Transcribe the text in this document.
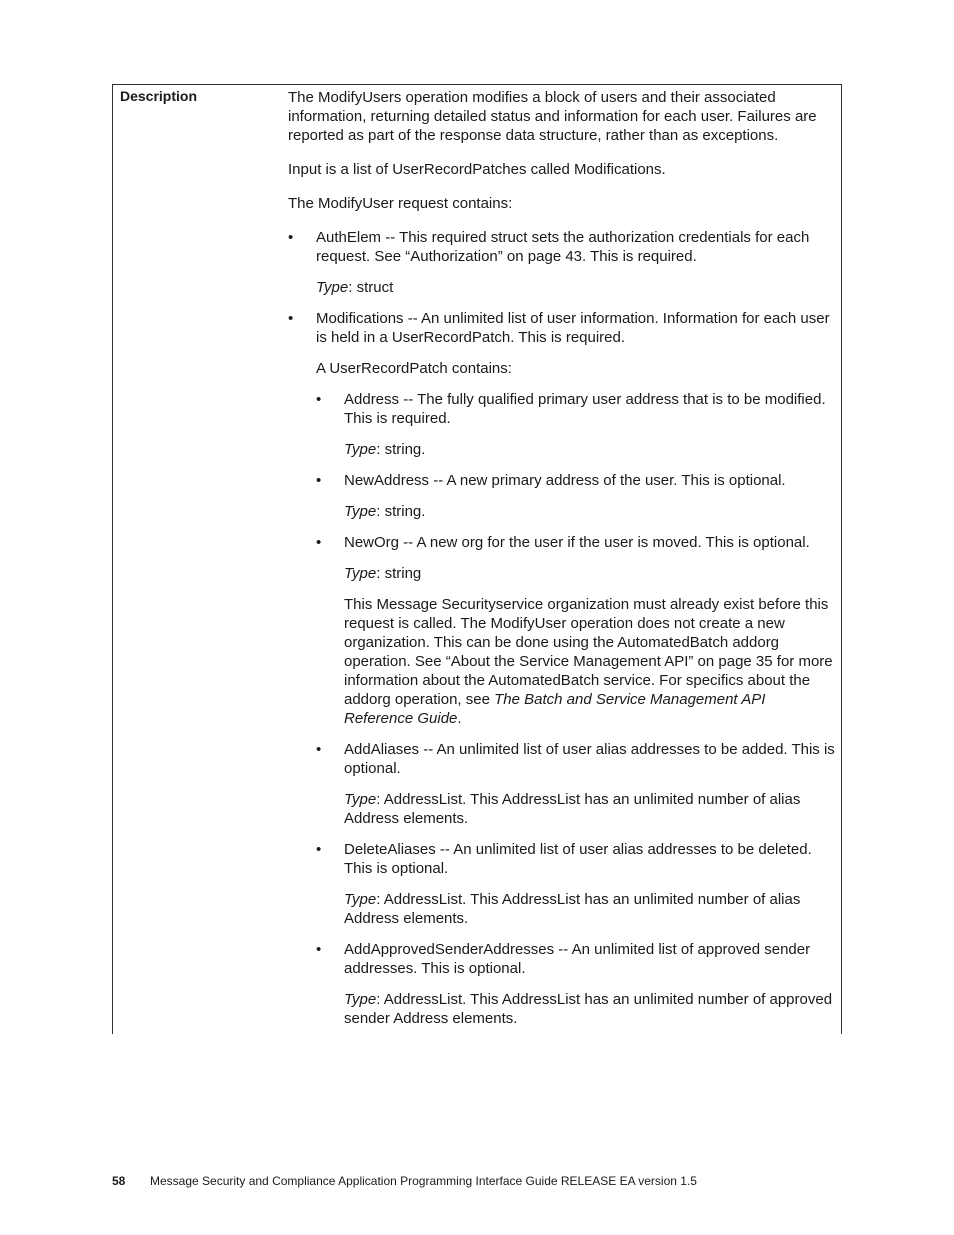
Description	The ModifyUsers operation modifies a block of users and their associated information, returning detailed status and information for each user. Failures are reported as part of the response data structure, rather than as exceptions.

Input is a list of UserRecordPatches called Modifications.

The ModifyUser request contains:

•	AuthElem -- This required struct sets the authorization credentials for each request. See “Authorization” on page 43. This is required.

Type: struct

•	Modifications -- An unlimited list of user information. Information for each user is held in a UserRecordPatch. This is required.

A UserRecordPatch contains:

•	Address -- The fully qualified primary user address that is to be modified. This is required.

Type: string.

•	NewAddress -- A new primary address of the user. This is optional.

Type: string.

•	NewOrg -- A new org for the user if the user is moved. This is optional.

Type: string

This Message Securityservice organization must already exist before this request is called. The ModifyUser operation does not create a new organization. This can be done using the AutomatedBatch addorg operation. See “About the Service Management API” on page 35 for more information about the AutomatedBatch service. For specifics about the addorg operation, see The Batch and Service Management API Reference Guide.

•	AddAliases -- An unlimited list of user alias addresses to be added. This is optional.

Type: AddressList. This AddressList has an unlimited number of alias Address elements.

•	DeleteAliases -- An unlimited list of user alias addresses to be deleted. This is optional.

Type: AddressList. This AddressList has an unlimited number of alias Address elements.

•	AddApprovedSenderAddresses -- An unlimited list of approved sender addresses. This is optional.

Type: AddressList. This AddressList has an unlimited number of approved sender Address elements.

58 Message Security and Compliance Application Programming Interface Guide RELEASE EA version 1.5
